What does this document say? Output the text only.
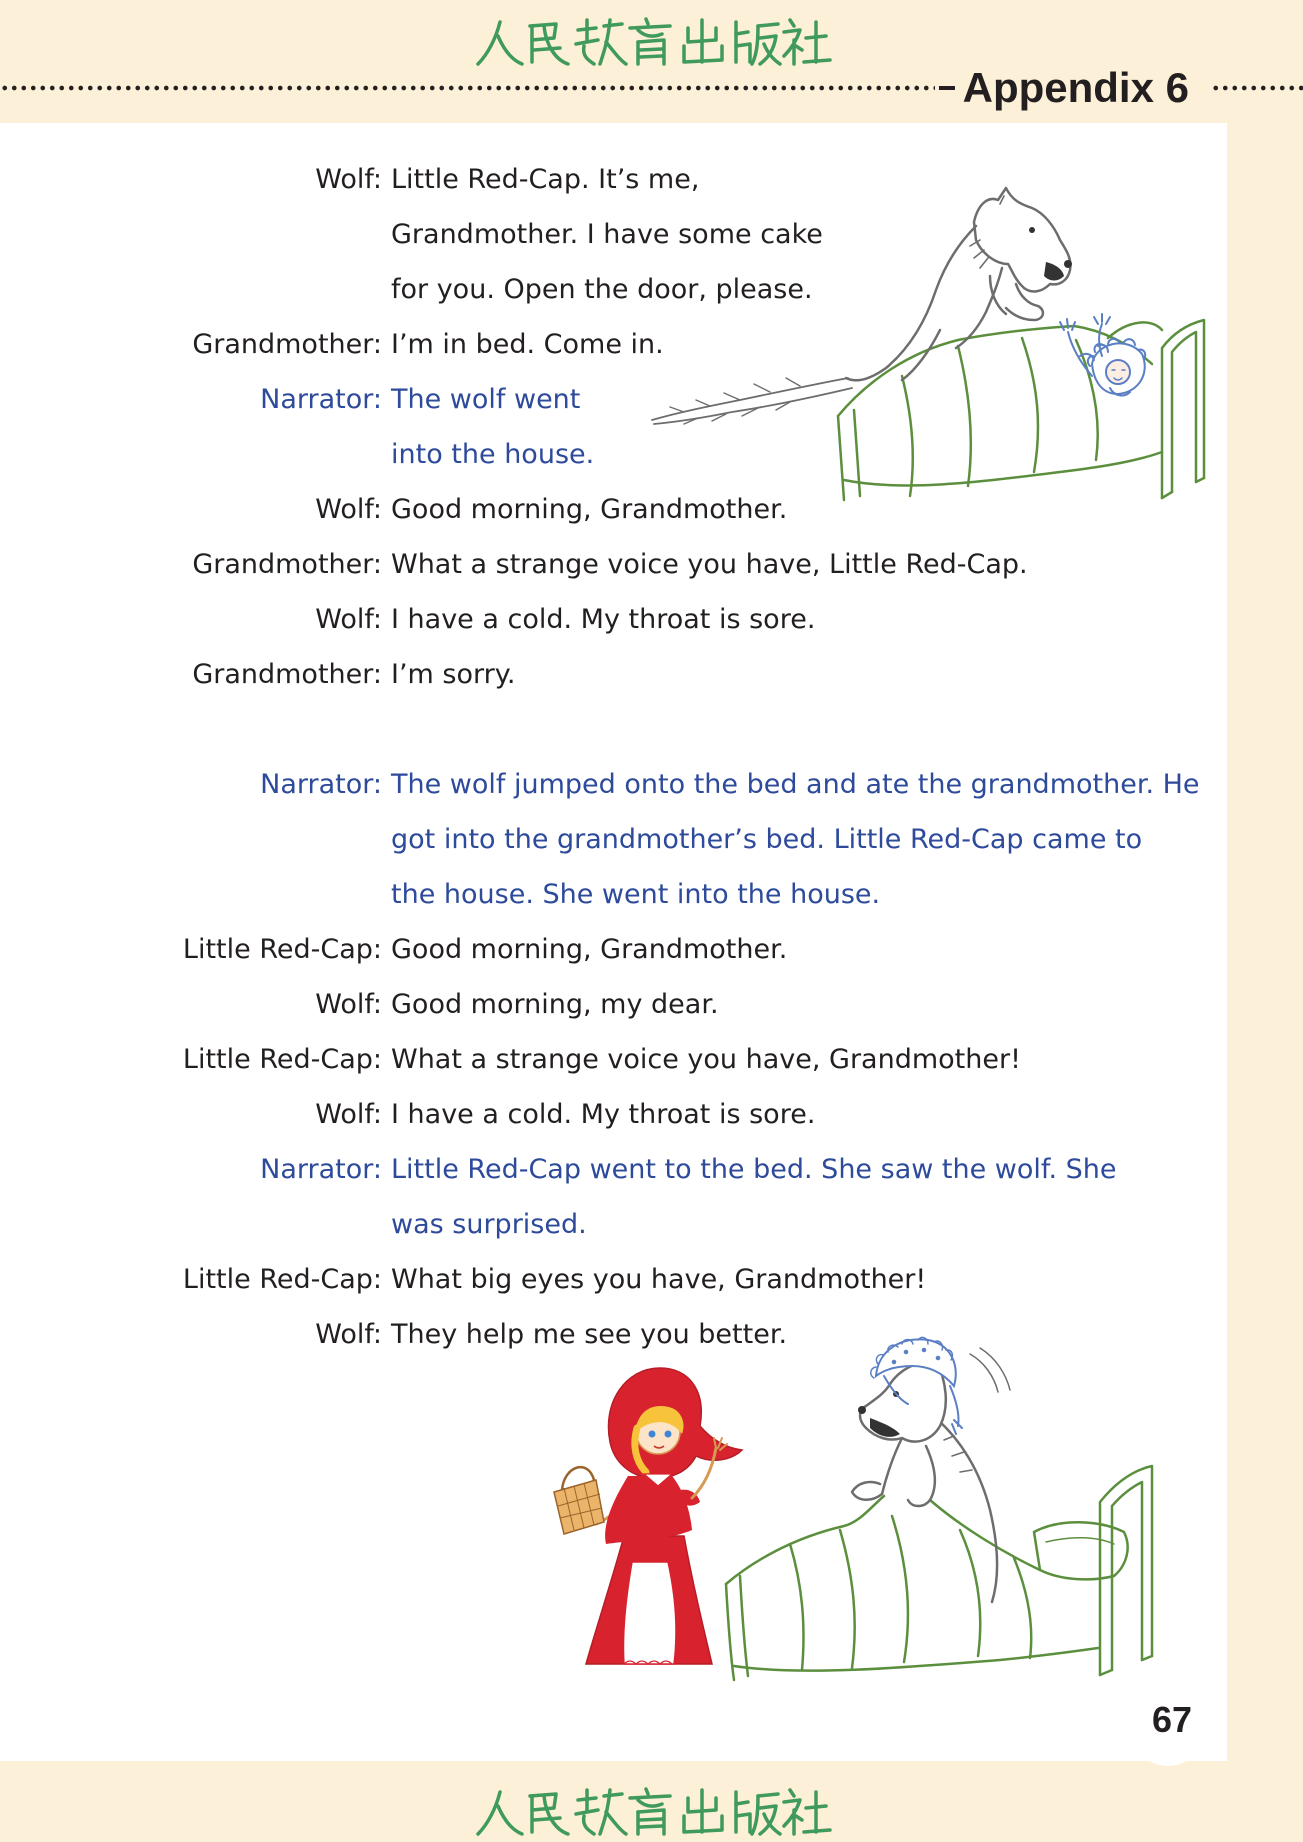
Appendix 6
Wolf: Little Red-Cap. It’s me,
Grandmother. I have some cake
for you. Open the door, please.
Grandmother: I’m in bed. Come in.
Narrator: The wolf went
into the house.
Wolf: Good morning, Grandmother.
Grandmother: What a strange voice you have, Little Red-Cap.
Wolf: I have a cold. My throat is sore.
Grandmother: I’m sorry.
Narrator: The wolf jumped onto the bed and ate the grandmother. He
got into the grandmother’s bed. Little Red-Cap came to
the house. She went into the house.
Little Red-Cap: Good morning, Grandmother.
Wolf: Good morning, my dear.
Little Red-Cap: What a strange voice you have, Grandmother!
Wolf: I have a cold. My throat is sore.
Narrator: Little Red-Cap went to the bed. She saw the wolf. She
was surprised.
Little Red-Cap: What big eyes you have, Grandmother!
Wolf: They help me see you better.
67
